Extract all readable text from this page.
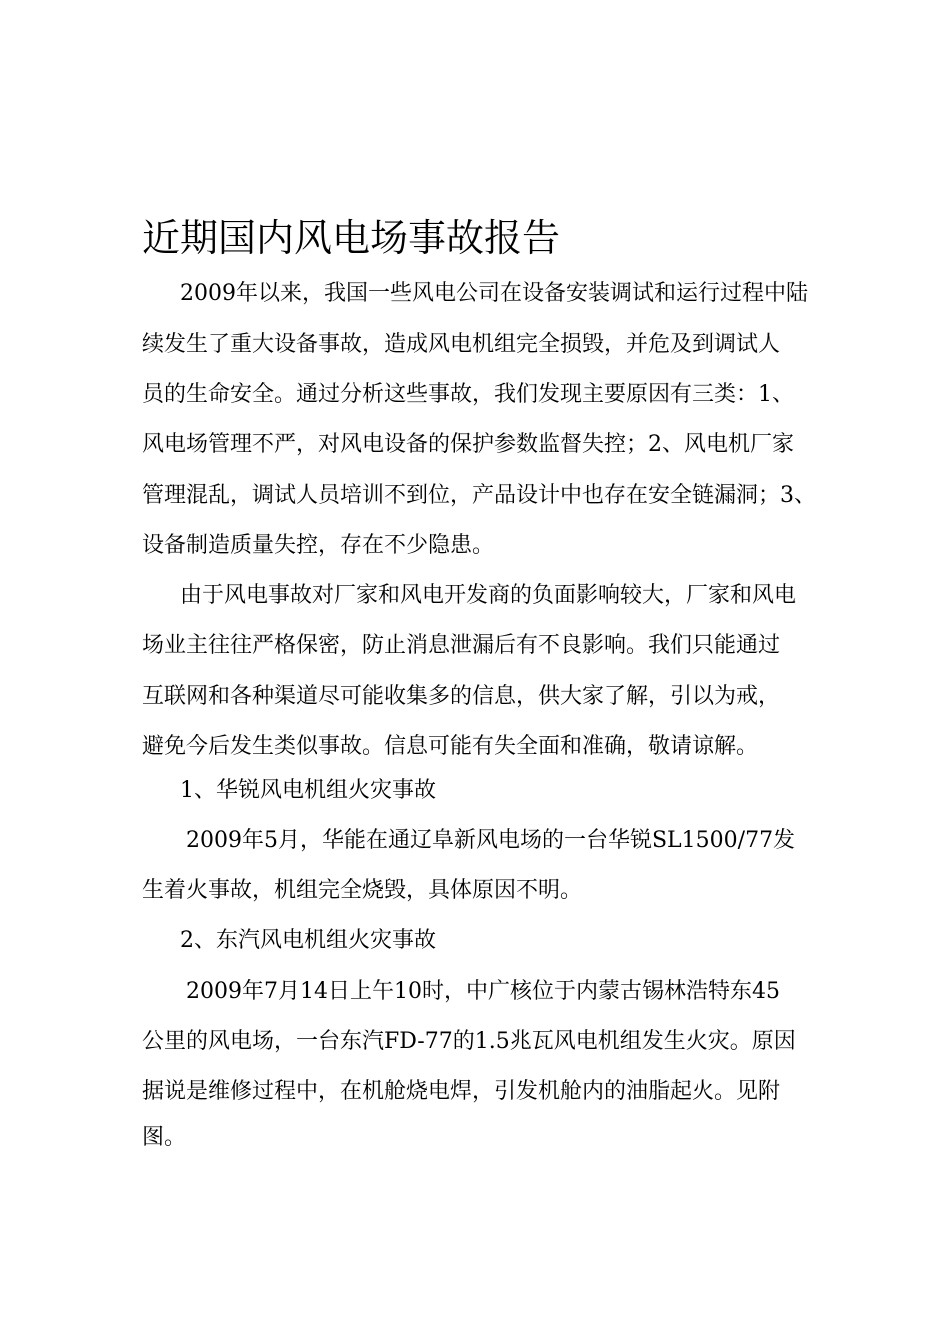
近期国内风电场事故报告
2009年以来，我国一些风电公司在设备安装调试和运行过程中陆
续发生了重大设备事故，造成风电机组完全损毁，并危及到调试人
员的生命安全。通过分析这些事故，我们发现主要原因有三类：1、
风电场管理不严，对风电设备的保护参数监督失控；2、风电机厂家
管理混乱，调试人员培训不到位，产品设计中也存在安全链漏洞；3、
设备制造质量失控，存在不少隐患。
由于风电事故对厂家和风电开发商的负面影响较大，厂家和风电
场业主往往严格保密，防止消息泄漏后有不良影响。我们只能通过
互联网和各种渠道尽可能收集多的信息，供大家了解，引以为戒，
避免今后发生类似事故。信息可能有失全面和准确，敬请谅解。
1、华锐风电机组火灾事故
2009年5月，华能在通辽阜新风电场的一台华锐SL1500/77发
生着火事故，机组完全烧毁，具体原因不明。
2、东汽风电机组火灾事故
2009年7月14日上午10时，中广核位于内蒙古锡林浩特东45
公里的风电场，一台东汽FD-77的1.5兆瓦风电机组发生火灾。原因
据说是维修过程中，在机舱烧电焊，引发机舱内的油脂起火。见附
图。
